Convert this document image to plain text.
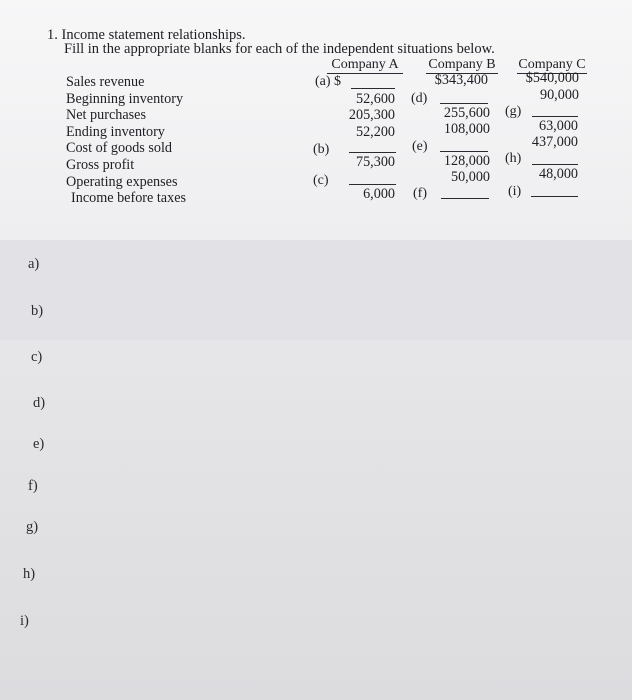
1. Income statement relationships.
Fill in the appropriate blanks for each of the independent situations below.
Company A	Company B Company C
Sales revenue
Beginning inventory
Net purchases
Ending inventory
Cost of goods sold
Gross profit
Operating expenses
Income before taxes
(a) $
52,600
205,300
52,200
(b)
75,300
(c)
6,000
$343,400
(d)
255,600
108,000
(e)
128,000
50,000
(f)
$540,000
90,000
(g)
63,000
437,000
(h)
48,000
(i)
a)
b)
c)
d)
e)
f)
g)
h)
i)
